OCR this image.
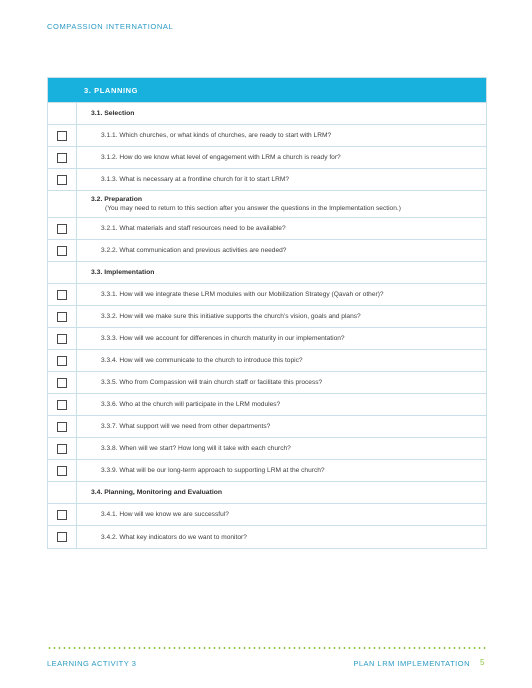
COMPASSION INTERNATIONAL
3. PLANNING
3.1. Selection
3.1.1. Which churches, or what kinds of churches, are ready to start with LRM?
3.1.2. How do we know what level of engagement with LRM a church is ready for?
3.1.3. What is necessary at a frontline church for it to start LRM?
3.2. Preparation
(You may need to return to this section after you answer the questions in the Implementation section.)
3.2.1. What materials and staff resources need to be available?
3.2.2. What communication and previous activities are needed?
3.3. Implementation
3.3.1. How will we integrate these LRM modules with our Mobilization Strategy (Qavah or other)?
3.3.2. How will we make sure this initiative supports the church’s vision, goals and plans?
3.3.3. How will we account for differences in church maturity in our implementation?
3.3.4. How will we communicate to the church to introduce this topic?
3.3.5. Who from Compassion will train church staff or facilitate this process?
3.3.6. Who at the church will participate in the LRM modules?
3.3.7. What support will we need from other departments?
3.3.8. When will we start? How long will it take with each church?
3.3.9. What will be our long-term approach to supporting LRM at the church?
3.4. Planning, Monitoring and Evaluation
3.4.1. How will we know we are successful?
3.4.2. What key indicators do we want to monitor?
LEARNING ACTIVITY 3	PLAN LRM IMPLEMENTATION 5
